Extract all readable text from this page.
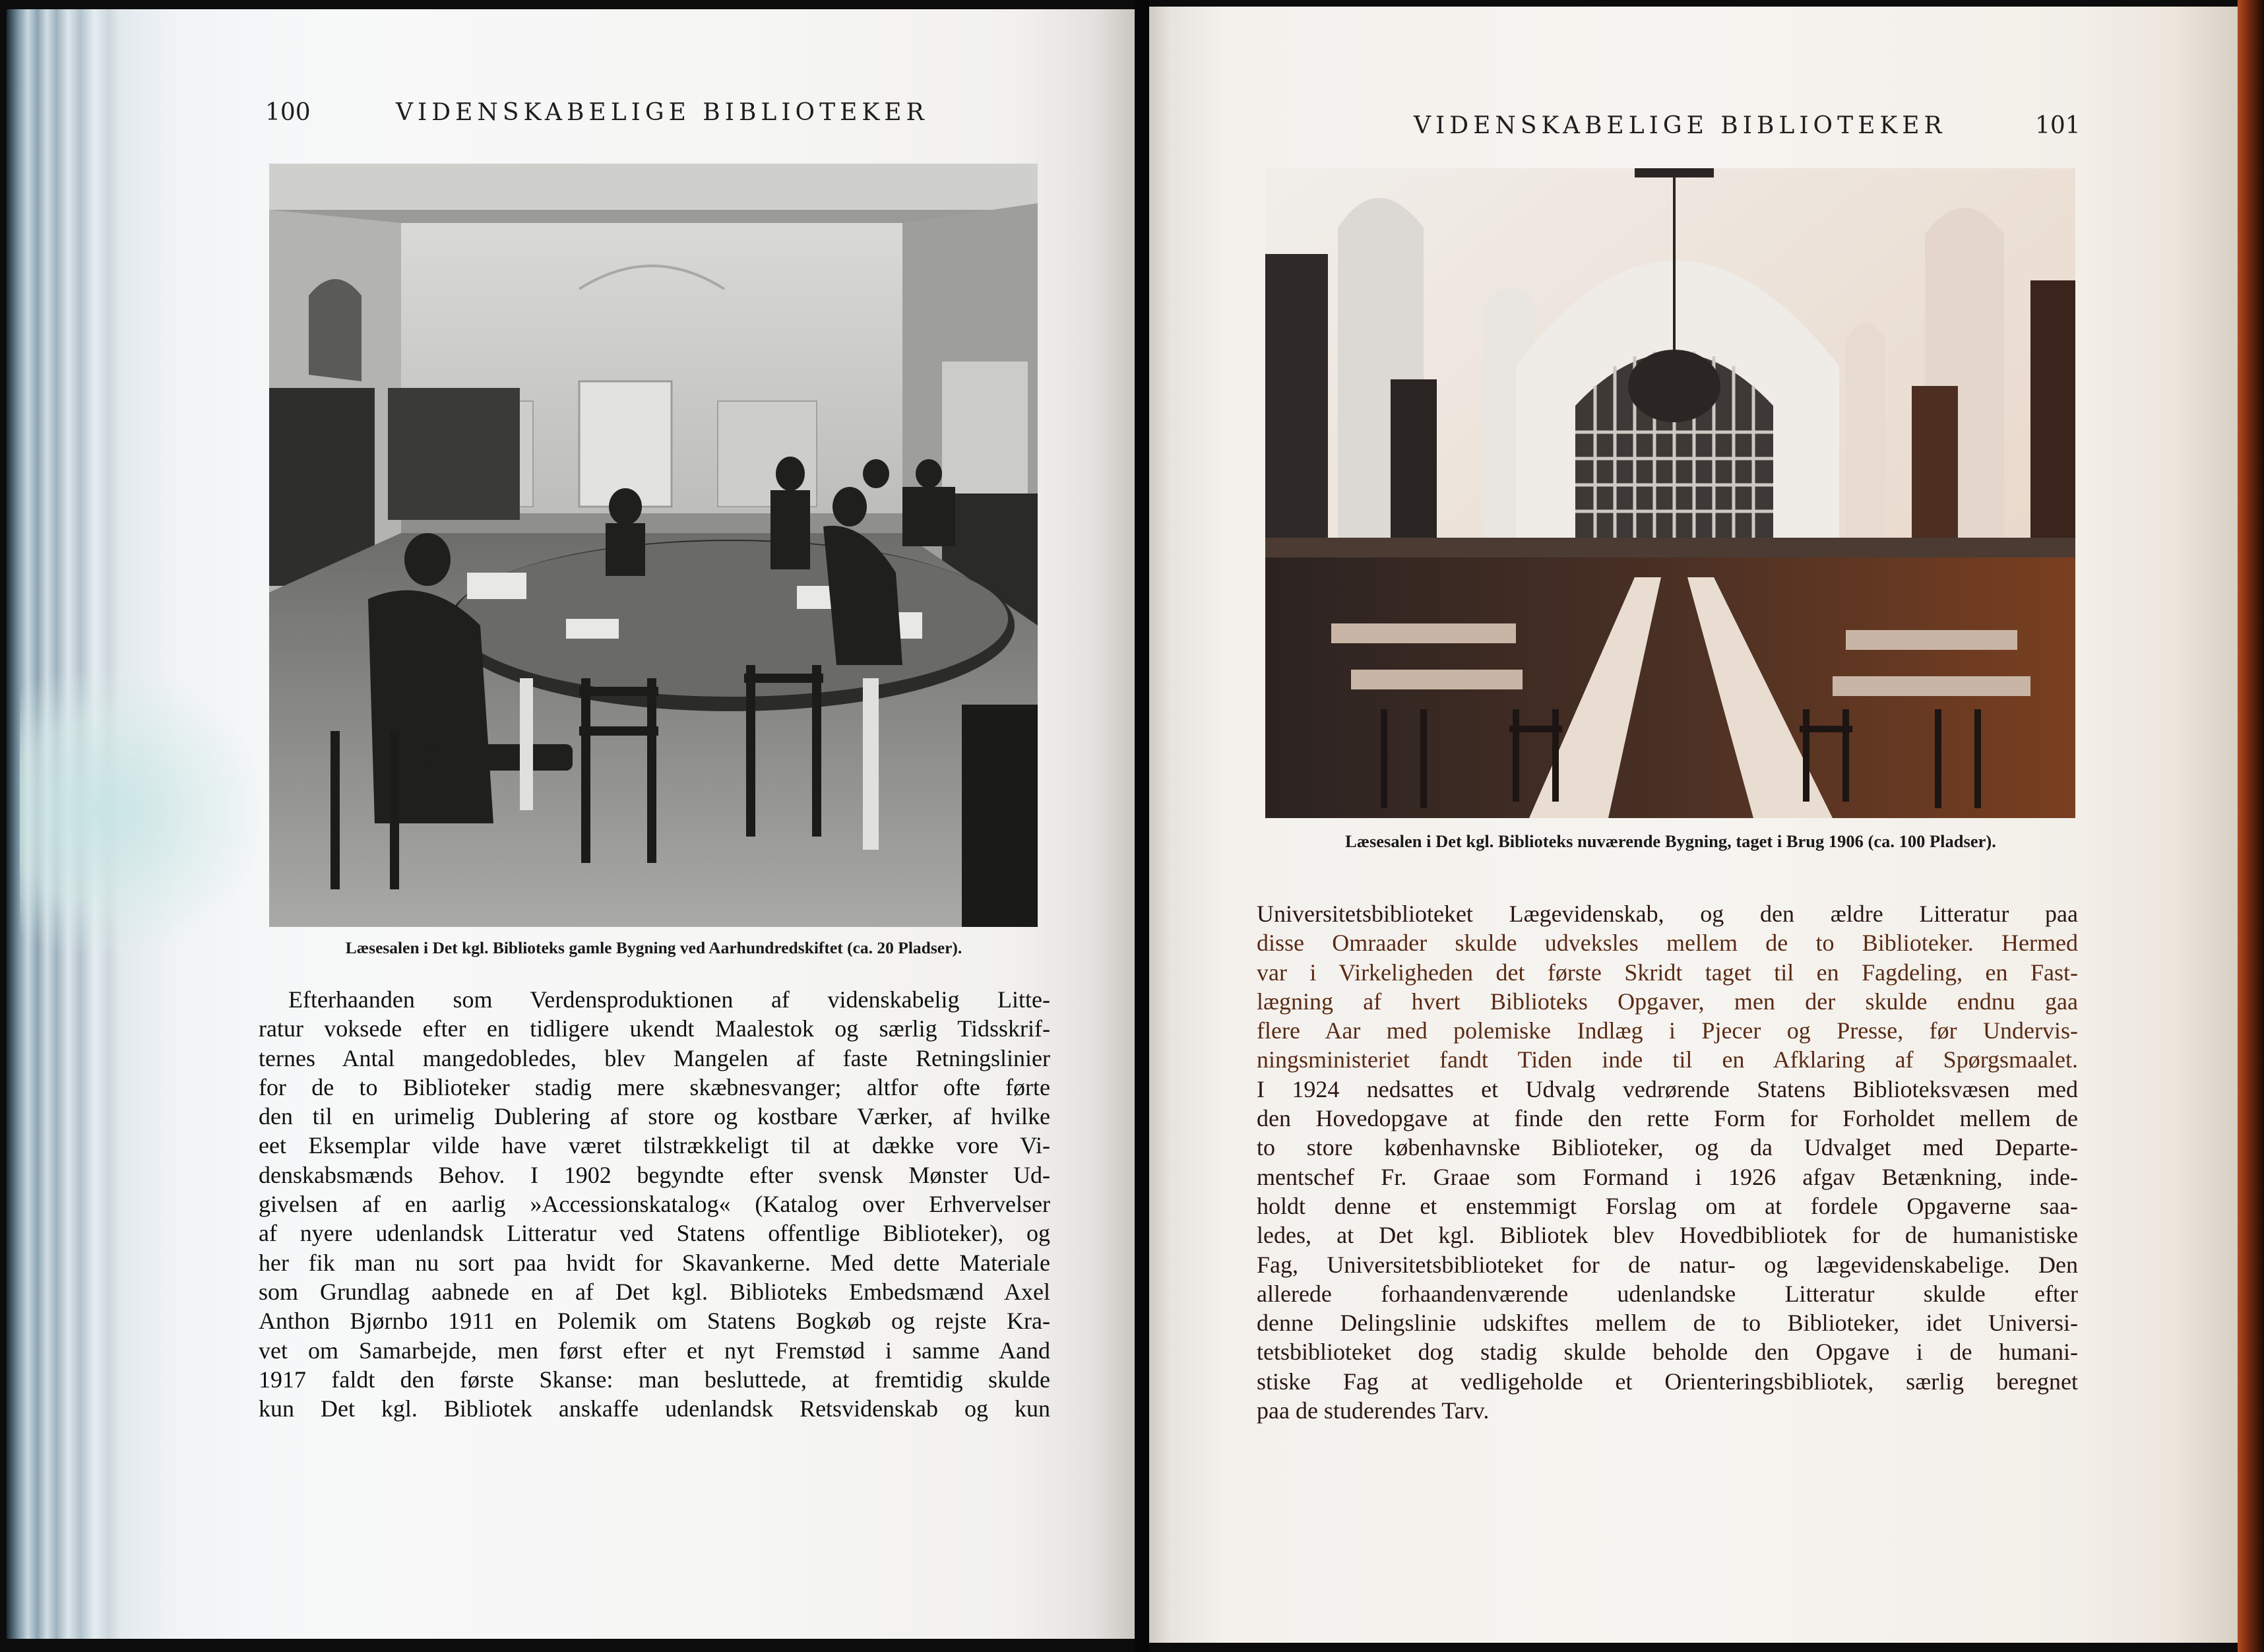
100	VIDENSKABELIGE BIBLIOTEKER
Læsesalen i Det kgl. Biblioteks gamle Bygning ved Aarhundredskiftet (ca. 20 Pladser).
Efterhaanden som Verdensproduktionen af videnskabelig Litte-
ratur voksede efter en tidligere ukendt Maalestok og særlig Tidsskrif-
ternes Antal mangedobledes, blev Mangelen af faste Retningslinier
for de to Biblioteker stadig mere skæbnesvanger; altfor ofte førte
den til en urimelig Dublering af store og kostbare Værker, af hvilke
eet Eksemplar vilde have været tilstrækkeligt til at dække vore Vi-
denskabsmænds Behov. I 1902 begyndte efter svensk Mønster Ud-
givelsen af en aarlig »Accessionskatalog« (Katalog over Erhvervelser
af nyere udenlandsk Litteratur ved Statens offentlige Biblioteker), og
her fik man nu sort paa hvidt for Skavankerne. Med dette Materiale
som Grundlag aabnede en af Det kgl. Biblioteks Embedsmænd Axel
Anthon Bjørnbo 1911 en Polemik om Statens Bogkøb og rejste Kra-
vet om Samarbejde, men først efter et nyt Fremstød i samme Aand
1917 faldt den første Skanse: man besluttede, at fremtidig skulde
kun Det kgl. Bibliotek anskaffe udenlandsk Retsvidenskab og kun
VIDENSKABELIGE BIBLIOTEKER	101
Læsesalen i Det kgl. Biblioteks nuværende Bygning, taget i Brug 1906 (ca. 100 Pladser).
Universitetsbiblioteket Lægevidenskab, og den ældre Litteratur paa
disse Omraader skulde udveksles mellem de to Biblioteker. Hermed
var i Virkeligheden det første Skridt taget til en Fagdeling, en Fast-
lægning af hvert Biblioteks Opgaver, men der skulde endnu gaa
flere Aar med polemiske Indlæg i Pjecer og Presse, før Undervis-
ningsministeriet fandt Tiden inde til en Afklaring af Spørgsmaalet.
I 1924 nedsattes et Udvalg vedrørende Statens Biblioteksvæsen med
den Hovedopgave at finde den rette Form for Forholdet mellem de
to store københavnske Biblioteker, og da Udvalget med Departe-
mentschef Fr. Graae som Formand i 1926 afgav Betænkning, inde-
holdt denne et enstemmigt Forslag om at fordele Opgaverne saa-
ledes, at Det kgl. Bibliotek blev Hovedbibliotek for de humanistiske
Fag, Universitetsbiblioteket for de natur- og lægevidenskabelige. Den
allerede forhaandenværende udenlandske Litteratur skulde efter
denne Delingslinie udskiftes mellem de to Biblioteker, idet Universi-
tetsbiblioteket dog stadig skulde beholde den Opgave i de humani-
stiske Fag at vedligeholde et Orienteringsbibliotek, særlig beregnet
paa de studerendes Tarv.
